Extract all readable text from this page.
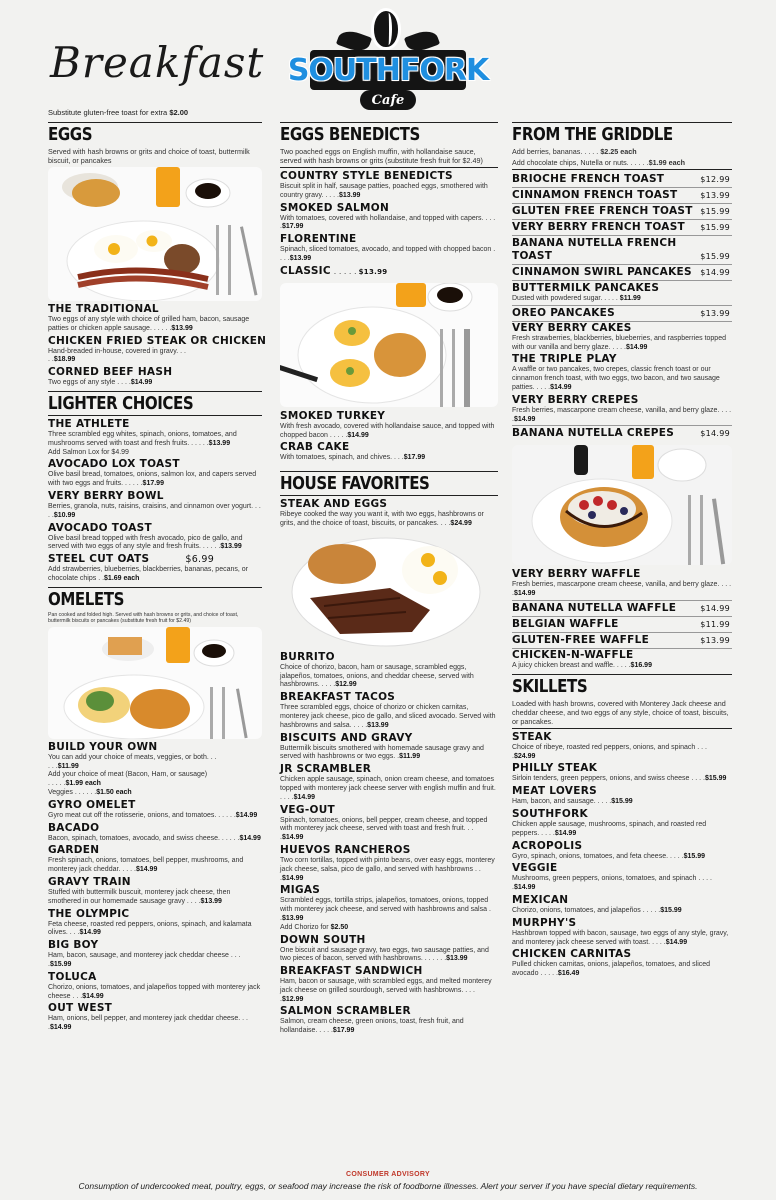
Breakfast
Substitute gluten-free toast for extra $2.00
SOUTHFORK
Cafe
EGGS
Served with hash browns or grits and choice of toast, buttermilk biscuit, or pancakes
THE TRADITIONAL
Two eggs of any style with choice of grilled ham, bacon, sausage patties or chicken apple sausage. . . . . .$13.99
CHICKEN FRIED STEAK OR CHICKEN
Hand-breaded in-house, covered in gravy. . . . .$18.99
CORNED BEEF HASH
Two eggs of any style . . . .$14.99
LIGHTER CHOICES
THE ATHLETE
Three scrambled egg whites, spinach, onions, tomatoes, and mushrooms served with toast and fresh fruits. . . . . .$13.99
Add Salmon Lox for $4.99
AVOCADO LOX TOAST
Olive basil bread, tomatoes, onions, salmon lox, and capers served with two eggs and fruits. . . . . .$17.99
VERY BERRY BOWL
Berries, granola, nuts, raisins, craisins, and cinnamon over yogurt. . . . .$10.99
AVOCADO TOAST
Olive basil bread topped with fresh avocado, pico de gallo, and served with two eggs of any style and fresh fruits. . . . . .$13.99
STEEL CUT OATS	$6.99
Add strawberries, blueberries, blackberries, bananas, pecans, or chocolate chips . .$1.69 each
OMELETS
Pan cooked and folded high. Served with hash browns or grits, and choice of toast, buttermilk biscuits or pancakes (substitute fresh fruit for $2.49)
BUILD YOUR OWN
You can add your choice of meats, veggies, or both. . . . . .$11.99
Add your choice of meat (Bacon, Ham, or sausage) . . . . .$1.99 each
Veggies . . . . . .$1.50 each
GYRO OMELET
Gyro meat cut off the rotisserie, onions, and tomatoes. . . . . .$14.99
BACADO
Bacon, spinach, tomatoes, avocado, and swiss cheese. . . . . .$14.99
GARDEN
Fresh spinach, onions, tomatoes, bell pepper, mushrooms, and monterey jack cheddar. . . . .$14.99
GRAVY TRAIN
Stuffed with buttermilk buscuit, monterey jack cheese, then smothered in our homemade sausage gravy . . . .$13.99
THE OLYMPIC
Feta cheese, roasted red peppers, onions, spinach, and kalamata olives. . . .$14.99
BIG BOY
Ham, bacon, sausage, and monterey jack cheddar cheese . . . .$15.99
TOLUCA
Chorizo, onions, tomatoes, and jalapeños topped with monterey jack cheese . . .$14.99
OUT WEST
Ham, onions, bell pepper, and monterey jack cheddar cheese. . . .$14.99
EGGS BENEDICTS
Two poached eggs on English muffin, with hollandaise sauce, served with hash browns or grits (substitute fresh fruit for $2.49)
COUNTRY STYLE BENEDICTS
Biscuit split in half, sausage patties, poached eggs, smothered with country gravy. . . . .$13.99
SMOKED SALMON
With tomatoes, covered with hollandaise, and topped with capers. . . . .$17.99
FLORENTINE
Spinach, sliced tomatoes, avocado, and topped with chopped bacon . . . .$13.99
CLASSIC . . . . . $13.99
SMOKED TURKEY
With fresh avocado, covered with hollandaise sauce, and topped with chopped bacon . . . . .$14.99
CRAB CAKE
With tomatoes, spinach, and chives. . . .$17.99
HOUSE FAVORITES
STEAK AND EGGS
Ribeye cooked the way you want it, with two eggs, hashbrowns or grits, and the choice of toast, biscuits, or pancakes. . . .$24.99
BURRITO
Choice of chorizo, bacon, ham or sausage, scrambled eggs, jalapeños, tomatoes, onions, and cheddar cheese, served with hashbrowns. . . . .$12.99
BREAKFAST TACOS
Three scrambled eggs, choice of chorizo or chicken carnitas, monterey jack cheese, pico de gallo, and sliced avocado. Served with hashbrowns and salsa. . . . .$13.99
BISCUITS AND GRAVY
Buttermilk biscuits smothered with homemade sausage gravy and served with hashbrowns or two eggs. .$11.99
JR SCRAMBLER
Chicken apple sausage, spinach, onion cream cheese, and tomatoes topped with monterey jack cheese server with english muffin and fruit. . . . .$14.99
VEG-OUT
Spinach, tomatoes, onions, bell pepper, cream cheese, and topped with monterey jack cheese, served with toast and fresh fruit. . . .$14.99
HUEVOS RANCHEROS
Two corn tortillas, topped with pinto beans, over easy eggs, monterey jack cheese, salsa, pico de gallo, and served with hashbrowns . . .$14.99
MIGAS
Scrambled eggs, tortilla strips, jalapeños, tomatoes, onions, topped with monterey jack cheese, and served with hashbrowns and salsa . .$13.99
Add Chorizo for $2.50
DOWN SOUTH
One biscuit and sausage gravy, two eggs, two sausage patties, and two pieces of bacon, served with hashbrowns. . . . . . .$13.99
BREAKFAST SANDWICH
Ham, bacon or sausage, with scrambled eggs, and melted monterey jack cheese on grilled sourdough, served with hashbrowns. . . . .$12.99
SALMON SCRAMBLER
Salmon, cream cheese, green onions, toast, fresh fruit, and hollandaise. . . . .$17.99
FROM THE GRIDDLE
Add berries, bananas. . . . . $2.25 each
Add chocolate chips, Nutella or nuts. . . . . .$1.99 each
BRIOCHE FRENCH TOAST	$12.99
CINNAMON FRENCH TOAST	$13.99
GLUTEN FREE FRENCH TOAST $15.99
VERY BERRY FRENCH TOAST $15.99
BANANA NUTELLA FRENCH
TOAST	$15.99
CINNAMON SWIRL PANCAKES $14.99
BUTTERMILK PANCAKES
Dusted with powdered sugar. . . . . $11.99
OREO PANCAKES	$13.99
VERY BERRY CAKES
Fresh strawberries, blackberries, blueberries, and raspberries topped with our vanilla and berry glaze. . . . .$14.99
THE TRIPLE PLAY
A waffle or two pancakes, two crepes, classic french toast or our cinnamon french toast, with two eggs, two bacon, and two sausage patties. . . . .$14.99
VERY BERRY CREPES
Fresh berries, mascarpone cream cheese, vanilla, and berry glaze. . . . .$14.99
BANANA NUTELLA CREPES	$14.99
VERY BERRY WAFFLE
Fresh berries, mascarpone cream cheese, vanilla, and berry glaze. . . . .$14.99
BANANA NUTELLA WAFFLE	$14.99
BELGIAN WAFFLE	$11.99
GLUTEN-FREE WAFFLE	$13.99
CHICKEN-N-WAFFLE
A juicy chicken breast and waffle. . . . .$16.99
SKILLETS
Loaded with hash browns, covered with Monterey Jack cheese and cheddar cheese, and two eggs of any style, choice of toast, biscuits, or pancakes.
STEAK
Choice of ribeye, roasted red peppers, onions, and spinach . . . .$24.99
PHILLY STEAK
Sirloin tenders, green peppers, onions, and swiss cheese . . . .$15.99
MEAT LOVERS
Ham, bacon, and sausage. . . . .$15.99
SOUTHFORK
Chicken apple sausage, mushrooms, spinach, and roasted red peppers. . . . .$14.99
ACROPOLIS
Gyro, spinach, onions, tomatoes, and feta cheese. . . . .$15.99
VEGGIE
Mushrooms, green peppers, onions, tomatoes, and spinach . . . . .$14.99
MEXICAN
Chorizo, onions, tomatoes, and jalapeños . . . . .$15.99
MURPHY'S
Hashbrown topped with bacon, sausage, two eggs of any style, gravy, and monterey jack cheese served with toast. . . . .$14.99
CHICKEN CARNITAS
Pulled chicken carnitas, onions, jalapeños, tomatoes, and sliced avocado . . . . .$16.49
CONSUMER ADVISORY
Consumption of undercooked meat, poultry, eggs, or seafood may increase the risk of foodborne illnesses. Alert your server if you have special dietary requirements.
